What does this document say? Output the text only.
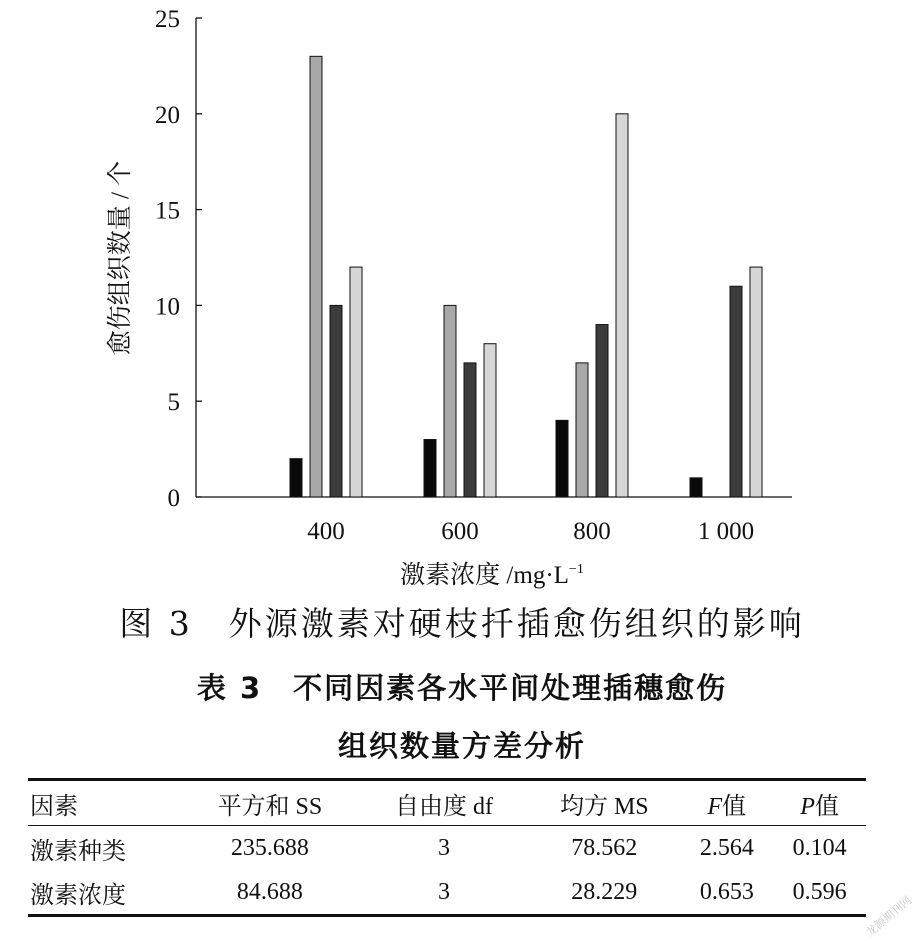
0
5
10
15
20
25
400	600	800	1 000
愈伤组织数量 / 个
激素浓度 $/mg\cdot L^{-1}$
图 3　外源激素对硬枝扦插愈伤组织的影响
表 3　不同因素各水平间处理插穗愈伤
组织数量方差分析
因素	平方和 SS	自由度 df	均方 MS	F值	P值
激素种类	235.688	3	78.562	2.564	0.104
激素浓度	84.688	3	28.229	0.653	0.596
龙源期刊网
